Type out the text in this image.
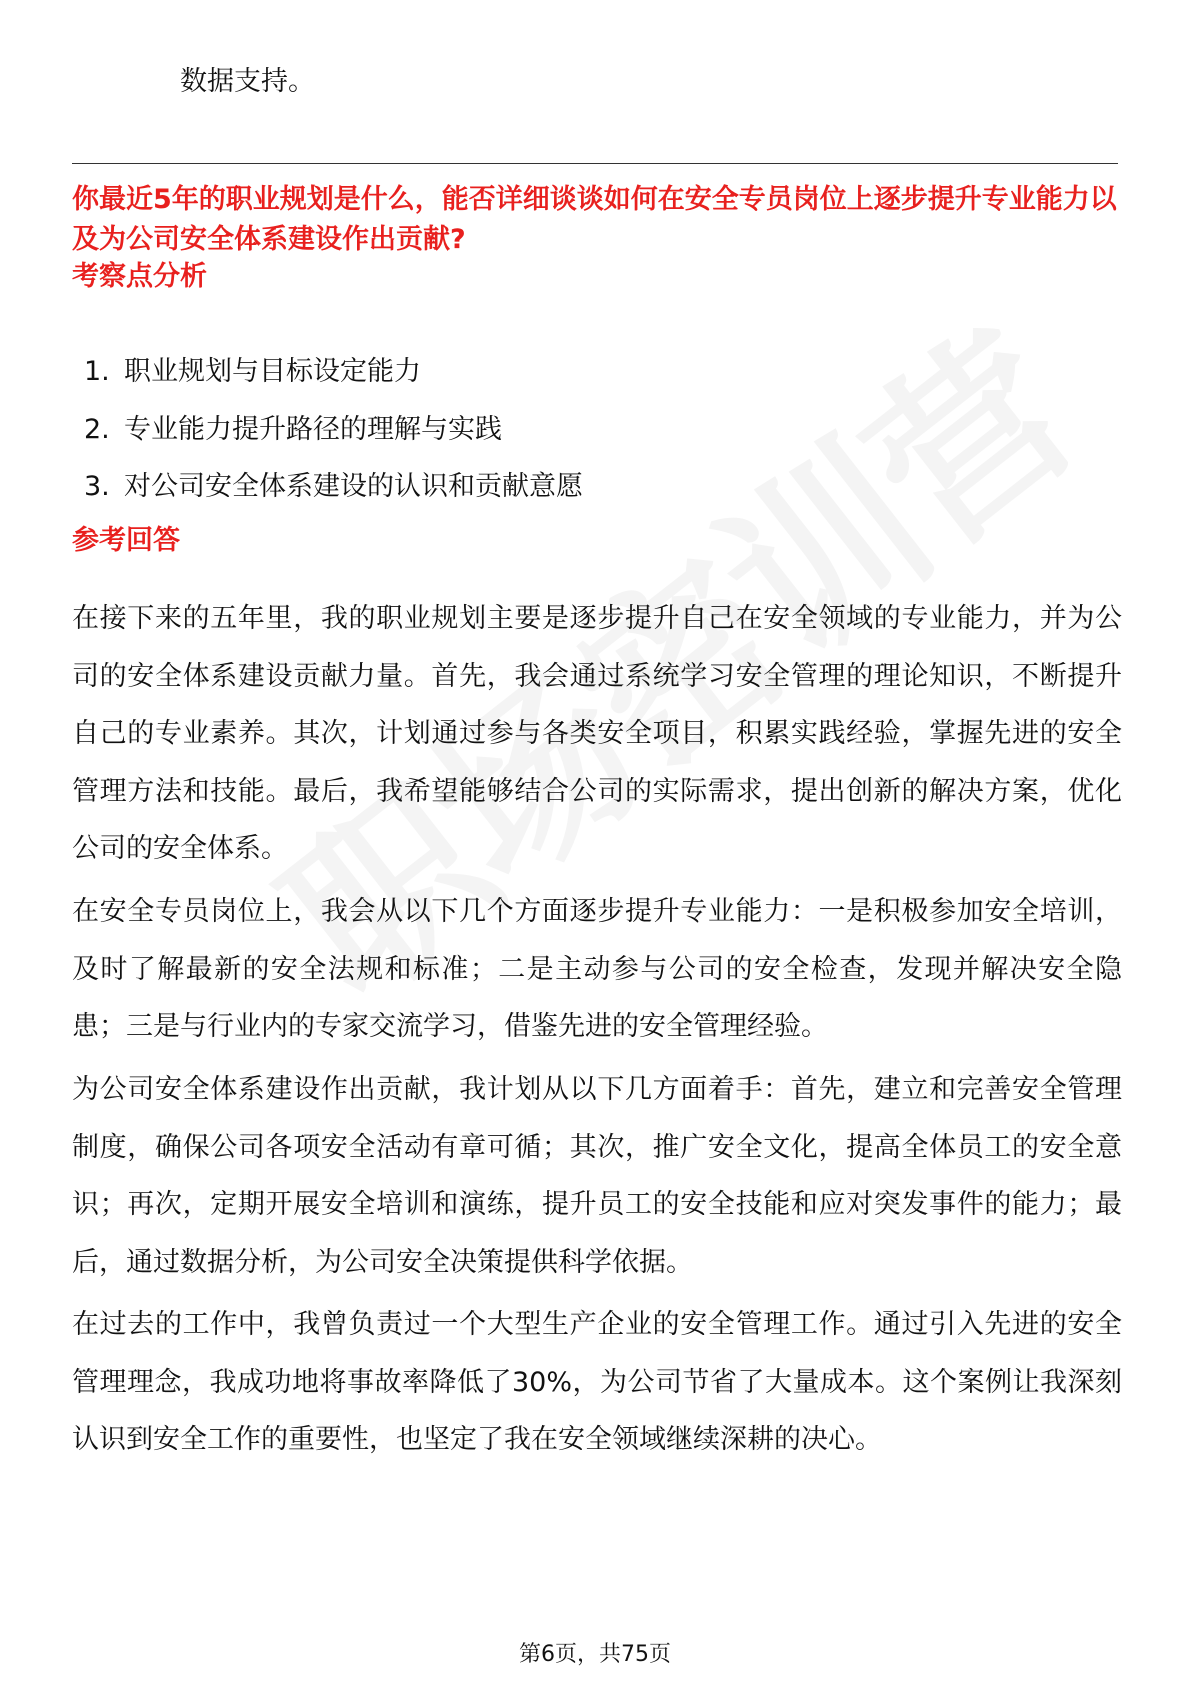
数据支持。

你最近5年的职业规划是什么，能否详细谈谈如何在安全专员岗位上逐步提升专业能力以及为公司安全体系建设作出贡献?

考察点分析

1. 职业规划与目标设定能力
2. 专业能力提升路径的理解与实践
3. 对公司安全体系建设的认识和贡献意愿

参考回答

在接下来的五年里，我的职业规划主要是逐步提升自己在安全领域的专业能力，并为公司的安全体系建设贡献力量。首先，我会通过系统学习安全管理的理论知识，不断提升自己的专业素养。其次，计划通过参与各类安全项目，积累实践经验，掌握先进的安全管理方法和技能。最后，我希望能够结合公司的实际需求，提出创新的解决方案，优化公司的安全体系。

在安全专员岗位上，我会从以下几个方面逐步提升专业能力：一是积极参加安全培训，及时了解最新的安全法规和标准；二是主动参与公司的安全检查，发现并解决安全隐患；三是与行业内的专家交流学习，借鉴先进的安全管理经验。

为公司安全体系建设作出贡献，我计划从以下几方面着手：首先，建立和完善安全管理制度，确保公司各项安全活动有章可循；其次，推广安全文化，提高全体员工的安全意识；再次，定期开展安全培训和演练，提升员工的安全技能和应对突发事件的能力；最后，通过数据分析，为公司安全决策提供科学依据。

在过去的工作中，我曾负责过一个大型生产企业的安全管理工作。通过引入先进的安全管理理念，我成功地将事故率降低了30%，为公司节省了大量成本。这个案例让我深刻认识到安全工作的重要性，也坚定了我在安全领域继续深耕的决心。

第6页，共75页
